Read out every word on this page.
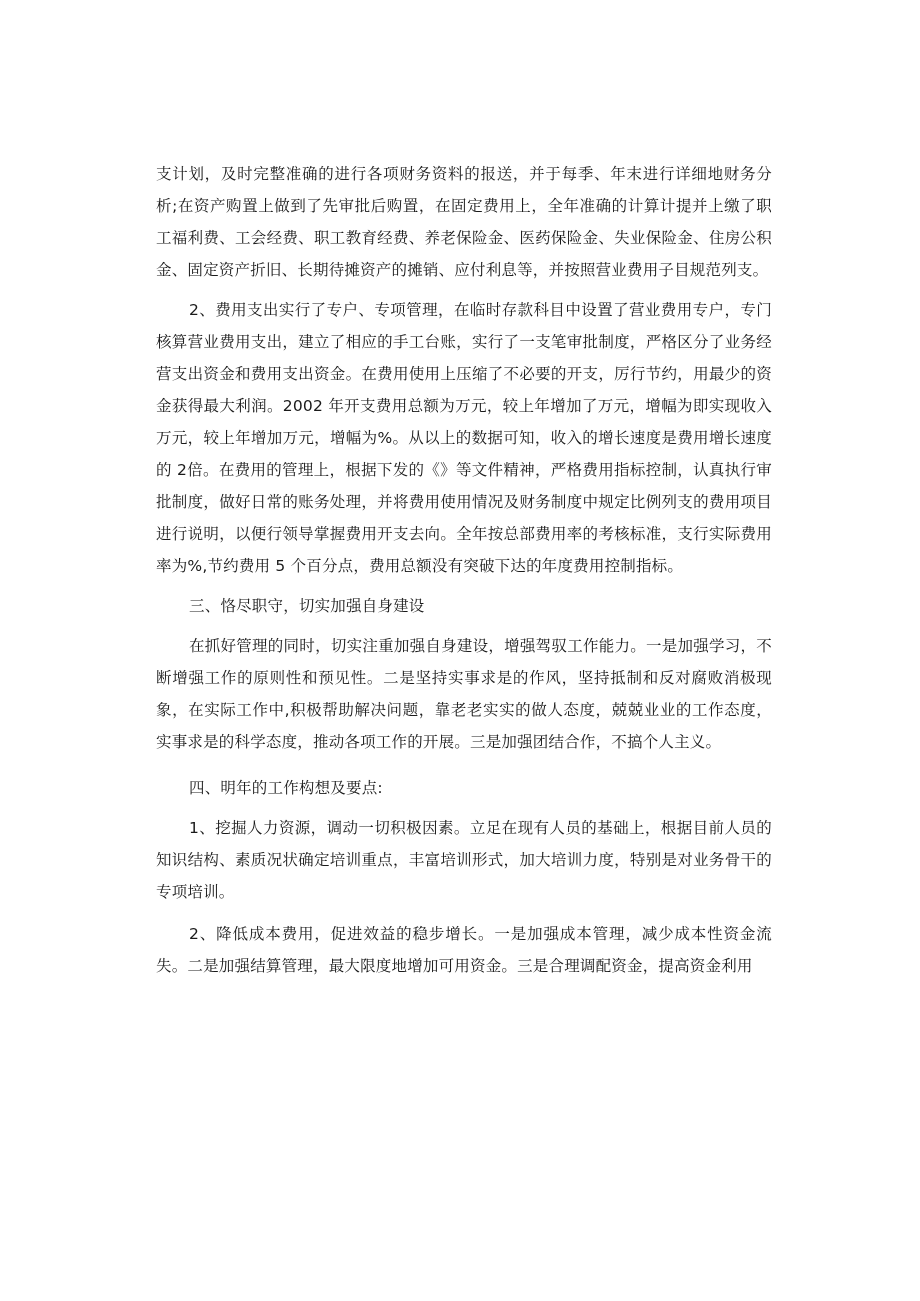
支计划，及时完整准确的进行各项财务资料的报送，并于每季、年末进行详细地财务分析;在资产购置上做到了先审批后购置，在固定费用上，全年准确的计算计提并上缴了职工福利费、工会经费、职工教育经费、养老保险金、医药保险金、失业保险金、住房公积金、固定资产折旧、长期待摊资产的摊销、应付利息等，并按照营业费用子目规范列支。

2、费用支出实行了专户、专项管理，在临时存款科目中设置了营业费用专户，专门核算营业费用支出，建立了相应的手工台账，实行了一支笔审批制度，严格区分了业务经营支出资金和费用支出资金。在费用使用上压缩了不必要的开支，厉行节约，用最少的资金获得最大利润。2002 年开支费用总额为万元，较上年增加了万元，增幅为即实现收入万元，较上年增加万元，增幅为%。从以上的数据可知，收入的增长速度是费用增长速度的 2倍。在费用的管理上，根据下发的《》等文件精神，严格费用指标控制，认真执行审批制度，做好日常的账务处理，并将费用使用情况及财务制度中规定比例列支的费用项目进行说明，以便行领导掌握费用开支去向。全年按总部费用率的考核标准，支行实际费用率为%,节约费用 5 个百分点，费用总额没有突破下达的年度费用控制指标。

三、恪尽职守，切实加强自身建设

在抓好管理的同时，切实注重加强自身建设，增强驾驭工作能力。一是加强学习，不断增强工作的原则性和预见性。二是坚持实事求是的作风，坚持抵制和反对腐败消极现象，在实际工作中,积极帮助解决问题，靠老老实实的做人态度，兢兢业业的工作态度，实事求是的科学态度，推动各项工作的开展。三是加强团结合作，不搞个人主义。

四、明年的工作构想及要点:

1、挖掘人力资源，调动一切积极因素。立足在现有人员的基础上，根据目前人员的知识结构、素质况状确定培训重点，丰富培训形式，加大培训力度，特别是对业务骨干的专项培训。

2、降低成本费用，促进效益的稳步增长。一是加强成本管理，减少成本性资金流失。二是加强结算管理，最大限度地增加可用资金。三是合理调配资金，提高资金利用
